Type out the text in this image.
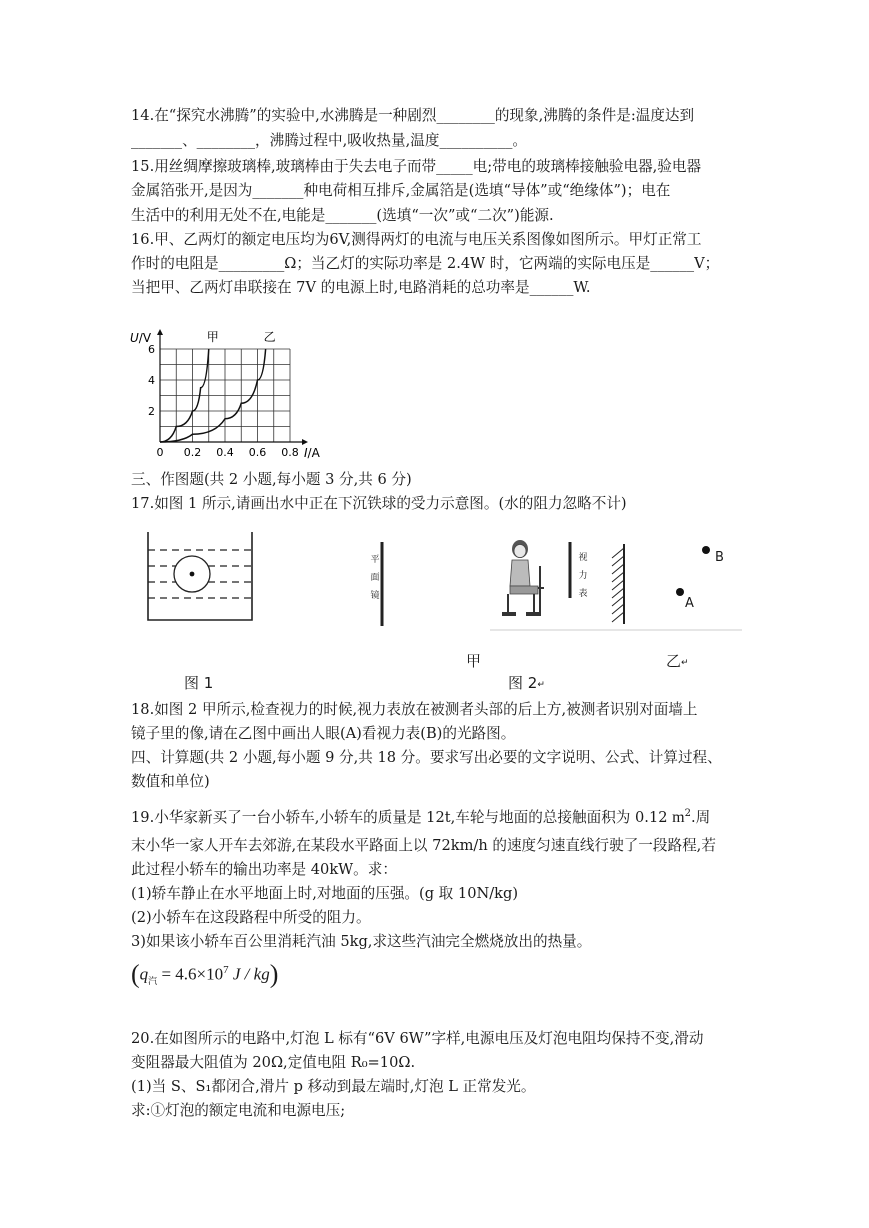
14.在“探究水沸腾”的实验中,水沸腾是一种剧烈________的现象,沸腾的条件是:温度达到
_______、________，沸腾过程中,吸收热量,温度__________。
15.用丝绸摩擦玻璃棒,玻璃棒由于失去电子而带_____电;带电的玻璃棒接触验电器,验电器
金属箔张开,是因为_______种电荷相互排斥,金属箔是(选填“导体”或“绝缘体”)；电在
生活中的利用无处不在,电能是_______(选填“一次”或“二次”)能源.
16.甲、乙两灯的额定电压均为6V,测得两灯的电流与电压关系图像如图所示。甲灯正常工
作时的电阻是_________Ω；当乙灯的实际功率是 2.4W 时，它两端的实际电压是______V；
当把甲、乙两灯串联接在 7V 的电源上时,电路消耗的总功率是______W.
U/V
I/A
甲	乙
0 0.2 0.4 0.6 0.8
2
4
6
三、作图题(共 2 小题,每小题 3 分,共 6 分)
17.如图 1 所示,请画出水中正在下沉铁球的受力示意图。(水的阻力忽略不计)
平面镜
视力表
B
A
图 1
甲
图 2↵
乙↵
18.如图 2 甲所示,检查视力的时候,视力表放在被测者头部的后上方,被测者识别对面墙上
镜子里的像,请在乙图中画出人眼(A)看视力表(B)的光路图。
四、计算题(共 2 小题,每小题 9 分,共 18 分。要求写出必要的文字说明、公式、计算过程、
数值和单位)
19.小华家新买了一台小轿车,小轿车的质量是 12t,车轮与地面的总接触面积为 0.12 $m^2$.周
末小华一家人开车去郊游,在某段水平路面上以 72km/h 的速度匀速直线行驶了一段路程,若
此过程小轿车的输出功率是 40kW。求：
(1)轿车静止在水平地面上时,对地面的压强。(g 取 10N/kg)
(2)小轿车在这段路程中所受的阻力。
3)如果该小轿车百公里消耗汽油 5kg,求这些汽油完全燃烧放出的热量。
($q_汽 = 4.6\times 10^7$ J / kg)
20.在如图所示的电路中,灯泡 L 标有“6V 6W”字样,电源电压及灯泡电阻均保持不变,滑动
变阻器最大阻值为 20Ω,定值电阻 R₀=10Ω.
(1)当 S、S₁都闭合,滑片 p 移动到最左端时,灯泡 L 正常发光。
求:①灯泡的额定电流和电源电压;
